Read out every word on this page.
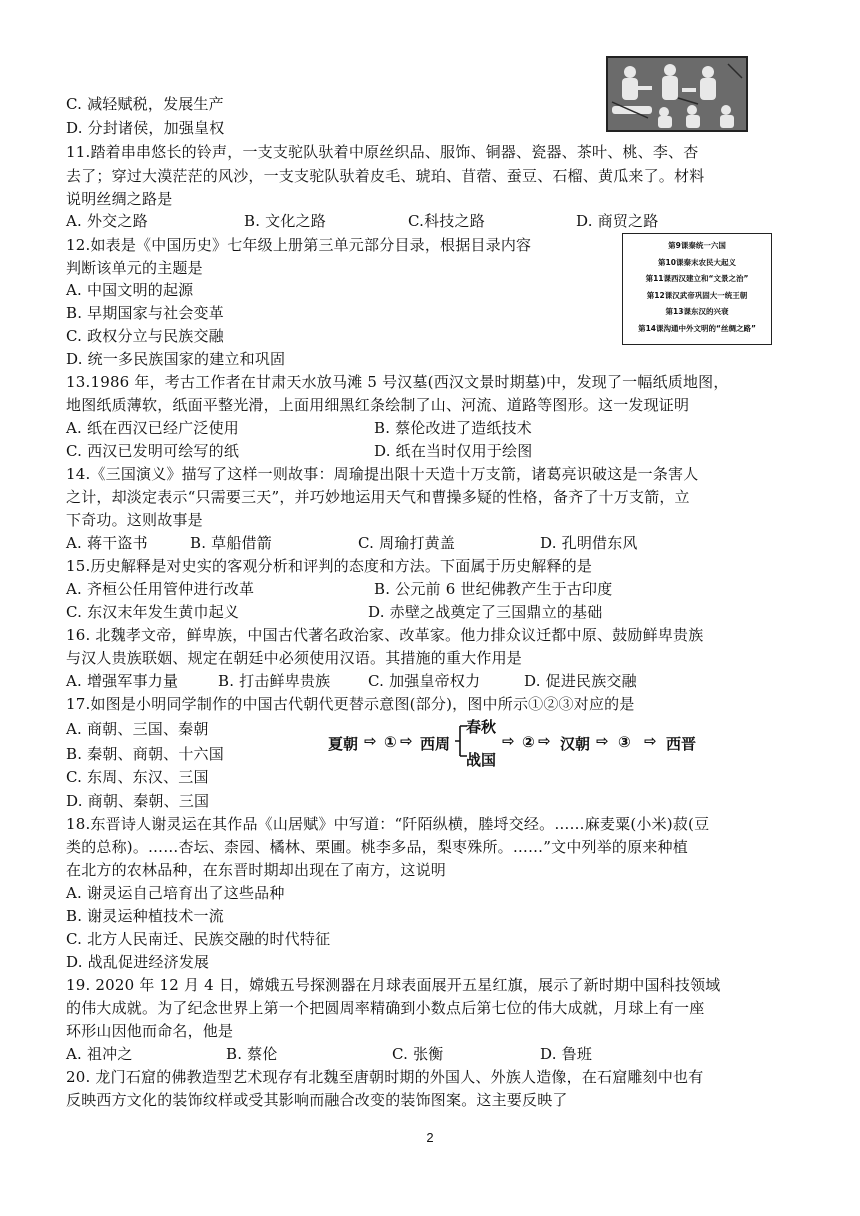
C. 减轻赋税，发展生产
D. 分封诸侯，加强皇权
11.踏着串串悠长的铃声，一支支驼队驮着中原丝织品、服饰、铜器、瓷器、茶叶、桃、李、杏
去了；穿过大漠茫茫的风沙，一支支驼队驮着皮毛、琥珀、苜蓿、蚕豆、石榴、黄瓜来了。材料
说明丝绸之路是
A. 外交之路	B. 文化之路	C.科技之路	D. 商贸之路
12.如表是《中国历史》七年级上册第三单元部分目录，根据目录内容
判断该单元的主题是
A. 中国文明的起源
B. 早期国家与社会变革
C. 政权分立与民族交融
D. 统一多民族国家的建立和巩固
第9课秦统一六国
第10课秦末农民大起义
第11课西汉建立和“文景之治”
第12课汉武帝巩固大一统王朝
第13课东汉的兴衰
第14课沟通中外文明的“丝绸之路”
13.1986 年，考古工作者在甘肃天水放马滩 5 号汉墓(西汉文景时期墓)中，发现了一幅纸质地图，
地图纸质薄软，纸面平整光滑，上面用细黑红条绘制了山、河流、道路等图形。这一发现证明
A. 纸在西汉已经广泛使用	B. 蔡伦改进了造纸技术
C. 西汉已发明可绘写的纸	D. 纸在当时仅用于绘图
14.《三国演义》描写了这样一则故事：周瑜提出限十天造十万支箭，诸葛亮识破这是一条害人
之计，却淡定表示“只需要三天”，并巧妙地运用天气和曹操多疑的性格，备齐了十万支箭，立
下奇功。这则故事是
A. 蒋干盗书	B. 草船借箭	C. 周瑜打黄盖	D. 孔明借东风
15.历史解释是对史实的客观分析和评判的态度和方法。下面属于历史解释的是
A. 齐桓公任用管仲进行改革	B. 公元前 6 世纪佛教产生于古印度
C. 东汉末年发生黄巾起义	D. 赤壁之战奠定了三国鼎立的基础
16. 北魏孝文帝，鲜卑族，中国古代著名政治家、改革家。他力排众议迁都中原、鼓励鲜卑贵族
与汉人贵族联姻、规定在朝廷中必须使用汉语。其措施的重大作用是
A. 增强军事力量	B. 打击鲜卑贵族	C. 加强皇帝权力	D. 促进民族交融
17.如图是小明同学制作的中国古代朝代更替示意图(部分)，图中所示①②③对应的是
A. 商朝、三国、秦朝
B. 秦朝、商朝、十六国
C. 东周、东汉、三国
D. 商朝、秦朝、三国
夏朝 ⇨ ① ⇨ 西周
春秋
战国
⇨ ② ⇨ 汉朝 ⇨ ③ ⇨ 西晋
18.东晋诗人谢灵运在其作品《山居赋》中写道：“阡陌纵横，塍埒交经。……麻麦粟(小米)菽(豆
类的总称)。……杏坛、柰园、橘林、栗圃。桃李多品，梨枣殊所。……”文中列举的原来种植
在北方的农林品种，在东晋时期却出现在了南方，这说明
A. 谢灵运自己培育出了这些品种
B. 谢灵运种植技术一流
C. 北方人民南迁、民族交融的时代特征
D. 战乱促进经济发展
19. 2020 年 12 月 4 日，嫦娥五号探测器在月球表面展开五星红旗，展示了新时期中国科技领域
的伟大成就。为了纪念世界上第一个把圆周率精确到小数点后第七位的伟大成就，月球上有一座
环形山因他而命名，他是
A. 祖冲之	B. 蔡伦	C. 张衡	D. 鲁班
20. 龙门石窟的佛教造型艺术现存有北魏至唐朝时期的外国人、外族人造像，在石窟雕刻中也有
反映西方文化的装饰纹样或受其影响而融合改变的装饰图案。这主要反映了
2
